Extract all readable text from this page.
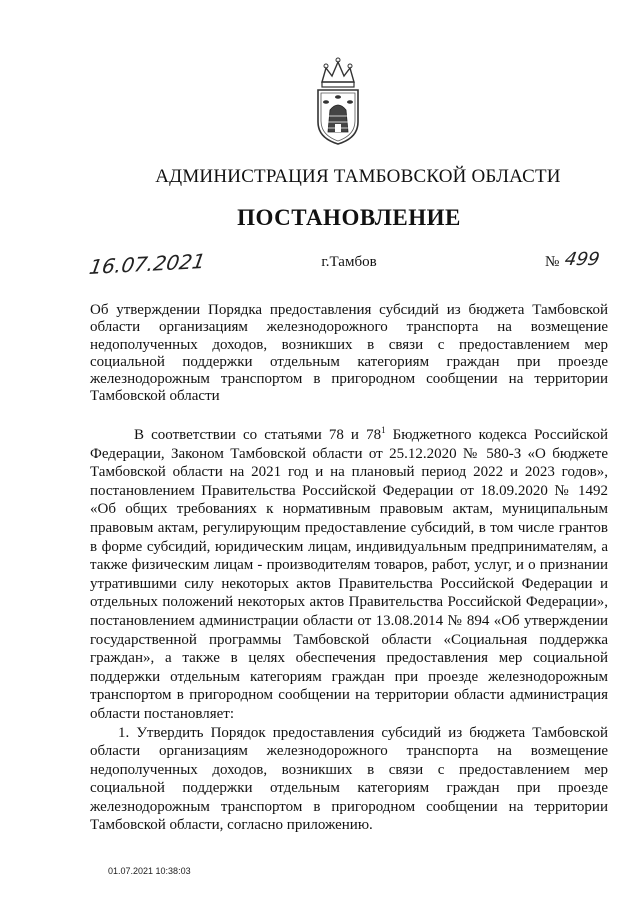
АДМИНИСТРАЦИЯ ТАМБОВСКОЙ ОБЛАСТИ
ПОСТАНОВЛЕНИЕ
16.07.2021	г.Тамбов	№ 499
Об утверждении Порядка предоставления субсидий из бюджета Тамбовской области организациям железнодорожного транспорта на возмещение недополученных доходов, возникших в связи с предоставлением мер социальной поддержки отдельным категориям граждан при проезде железнодорожным транспортом в пригородном сообщении на территории Тамбовской области

В соответствии со статьями 78 и $78^1$ Бюджетного кодекса Российской Федерации, Законом Тамбовской области от 25.12.2020 № 580-З «О бюджете Тамбовской области на 2021 год и на плановый период 2022 и 2023 годов», постановлением Правительства Российской Федерации от 18.09.2020 № 1492 «Об общих требованиях к нормативным правовым актам, муниципальным правовым актам, регулирующим предоставление субсидий, в том числе грантов в форме субсидий, юридическим лицам, индивидуальным предпринимателям, а также физическим лицам - производителям товаров, работ, услуг, и о признании утратившими силу некоторых актов Правительства Российской Федерации и отдельных положений некоторых актов Правительства Российской Федерации», постановлением администрации области от 13.08.2014 № 894 «Об утверждении государственной программы Тамбовской области «Социальная поддержка граждан», а также в целях обеспечения предоставления мер социальной поддержки отдельным категориям граждан при проезде железнодорожным транспортом в пригородном сообщении на территории области администрация области постановляет:

1. Утвердить Порядок предоставления субсидий из бюджета Тамбовской области организациям железнодорожного транспорта на возмещение недополученных доходов, возникших в связи с предоставлением мер социальной поддержки отдельным категориям граждан при проезде железнодорожным транспортом в пригородном сообщении на территории Тамбовской области, согласно приложению.

01.07.2021 10:38:03
